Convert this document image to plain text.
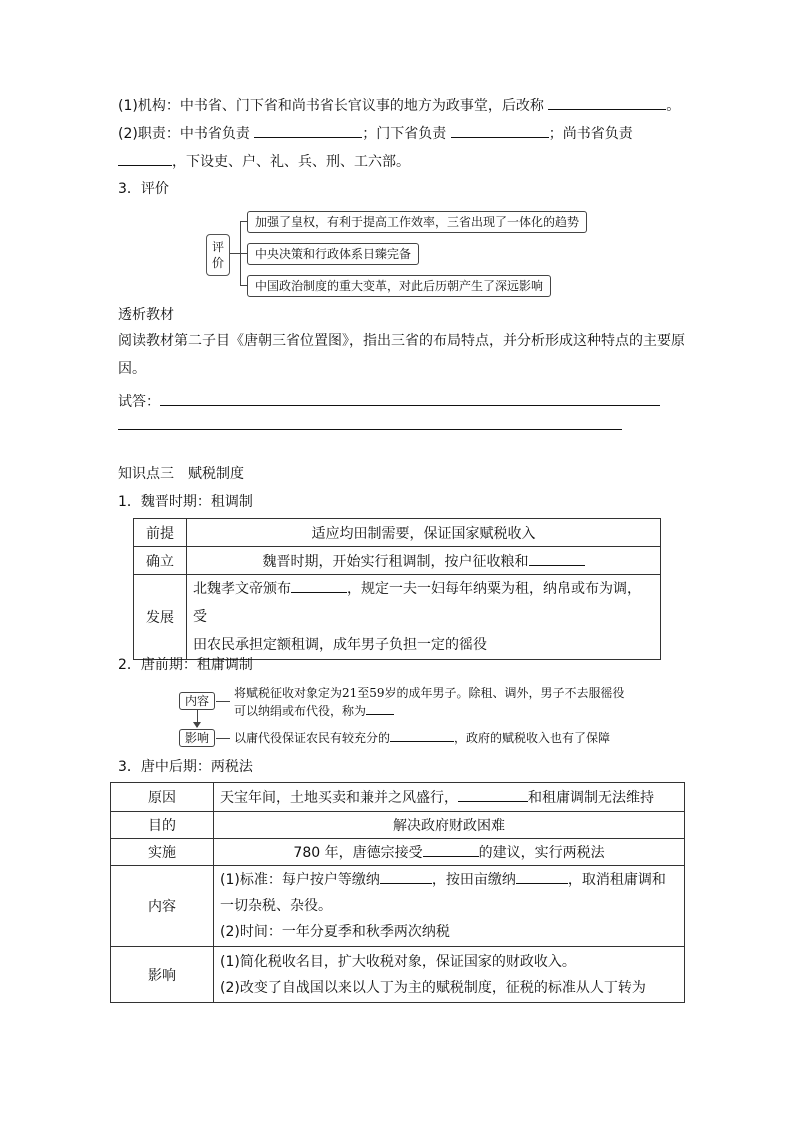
(1)机构：中书省、门下省和尚书省长官议事的地方为政事堂，后改称	。
(2)职责：中书省负责	；门下省负责	；尚书省负责
，下设吏、户、礼、兵、刑、工六部。
3．评价
评价
加强了皇权，有利于提高工作效率，三省出现了一体化的趋势
中央决策和行政体系日臻完备
中国政治制度的重大变革，对此后历朝产生了深远影响
透析教材
阅读教材第二子目《唐朝三省位置图》，指出三省的布局特点，并分析形成这种特点的主要原
因。
试答：
知识点三　赋税制度
1．魏晋时期：租调制
前提	适应均田制需要，保证国家赋税收入
确立	魏晋时期，开始实行租调制，按户征收粮和
发展	北魏孝文帝颁布 ，规定一夫一妇每年纳粟为租，纳帛或布为调，受
田农民承担定额租调，成年男子负担一定的徭役
2．唐前期：租庸调制
内容
将赋税征收对象定为21至59岁的成年男子。除租、调外，男子不去服徭役
可以纳绢或布代役，称为
影响	以庸代役保证农民有较充分的	，政府的赋税收入也有了保障
3．唐中后期：两税法
原因	天宝年间，土地买卖和兼并之风盛行， 和租庸调制无法维持
目的	解决政府财政困难
实施	780 年，唐德宗接受 的建议，实行两税法
内容	(1)标准：每户按户等缴纳 ，按田亩缴纳 ，取消租庸调和
一切杂税、杂役。
(2)时间：一年分夏季和秋季两次纳税
影响	(1)简化税收名目，扩大收税对象，保证国家的财政收入。
(2)改变了自战国以来以人丁为主的赋税制度，征税的标准从人丁转为
